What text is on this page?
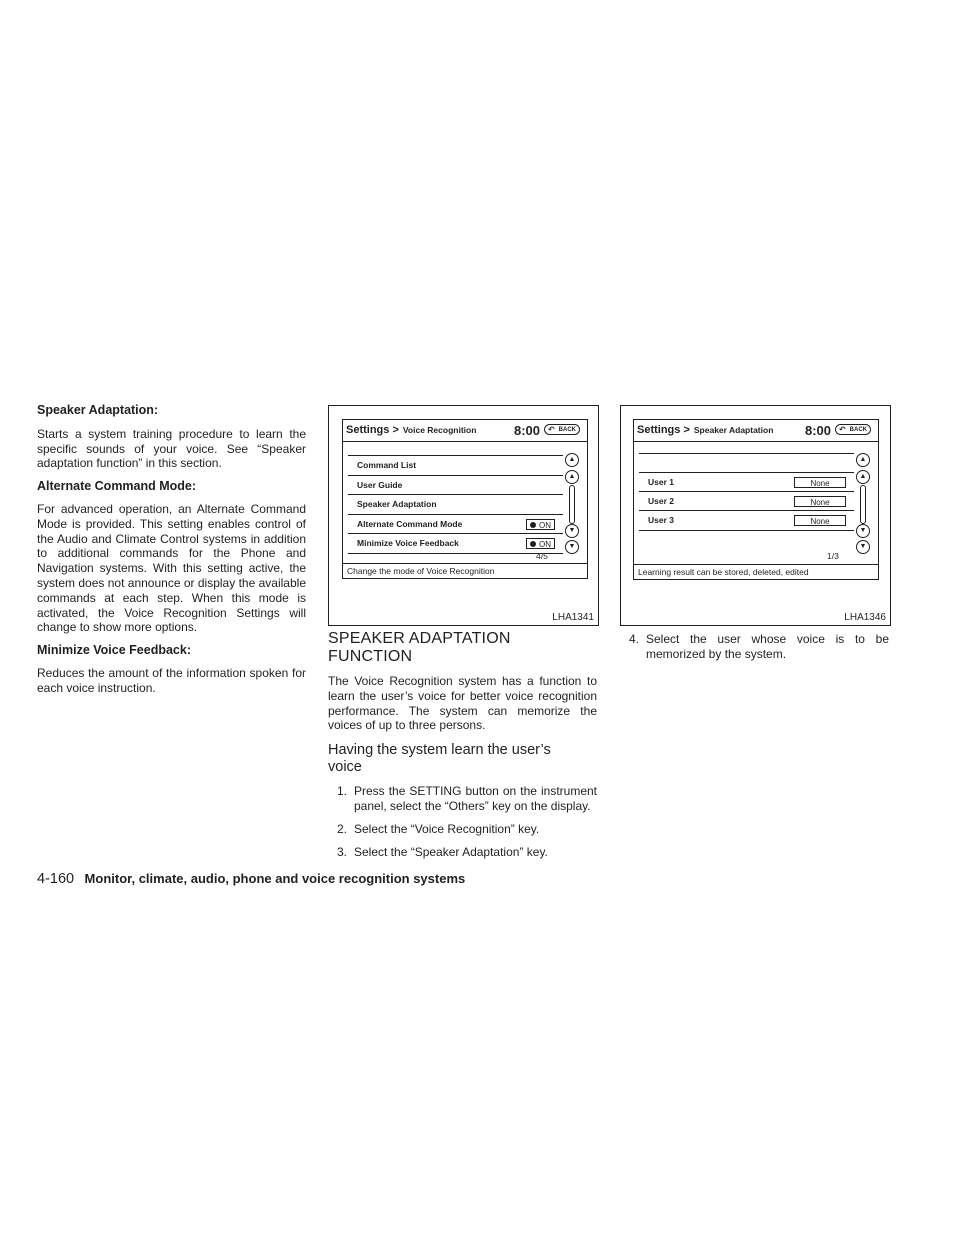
Speaker Adaptation:

Starts a system training procedure to learn the specific sounds of your voice. See “Speaker adaptation function” in this section.

Alternate Command Mode:

For advanced operation, an Alternate Command Mode is provided. This setting enables control of the Audio and Climate Control systems in addition to additional commands for the Phone and Navigation systems. With this setting active, the system does not announce or display the available commands at each step. When this mode is activated, the Voice Recognition Settings will change to show more options.

Minimize Voice Feedback:

Reduces the amount of the information spoken for each voice instruction.

Settings > Voice Recognition	8:00 ↶ BACK
Command List
User Guide
Speaker Adaptation
Alternate Command Mode	ON
Minimize Voice Feedback	ON
4/5
▲
▲
▼
▼
Change the mode of Voice Recognition
LHA1341
Settings > Speaker Adaptation 8:00 ↶ BACK
User 1	None
User 2	None
User 3	None
1/3
▲
▲
▼
▼
Learning result can be stored, deleted, edited
LHA1346

SPEAKER ADAPTATION FUNCTION

The Voice Recognition system has a function to learn the user’s voice for better voice recognition performance. The system can memorize the voices of up to three persons.

Having the system learn the user’s voice

1. Press the SETTING button on the instrument panel, select the “Others” key on the display.
2. Select the “Voice Recognition” key.
3. Select the “Speaker Adaptation” key.
4. Select the user whose voice is to be memorized by the system.
4-160 Monitor, climate, audio, phone and voice recognition systems
